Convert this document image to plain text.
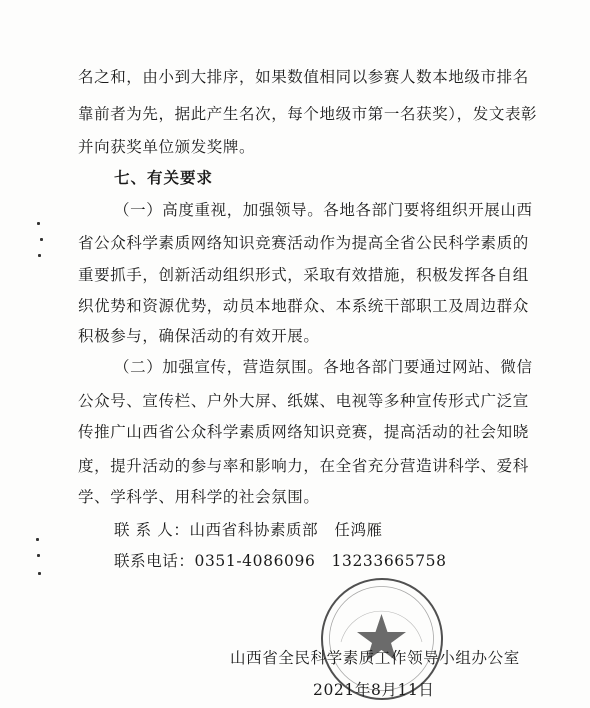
名之和，由小到大排序，如果数值相同以参赛人数本地级市排名
靠前者为先，据此产生名次，每个地级市第一名获奖），发文表彰
并向获奖单位颁发奖牌。
七、有关要求
（一）高度重视，加强领导。各地各部门要将组织开展山西
省公众科学素质网络知识竞赛活动作为提高全省公民科学素质的
重要抓手，创新活动组织形式，采取有效措施，积极发挥各自组
织优势和资源优势，动员本地群众、本系统干部职工及周边群众
积极参与，确保活动的有效开展。
（二）加强宣传，营造氛围。各地各部门要通过网站、微信
公众号、宣传栏、户外大屏、纸媒、电视等多种宣传形式广泛宣
传推广山西省公众科学素质网络知识竞赛，提高活动的社会知晓
度，提升活动的参与率和影响力，在全省充分营造讲科学、爱科
学、学科学、用科学的社会氛围。
联 系 人：山西省科协素质部　任鸿雁
联系电话：0351-4086096　13233665758
山西省全民科学素质工作领导小组办公室
2021年8月11日
